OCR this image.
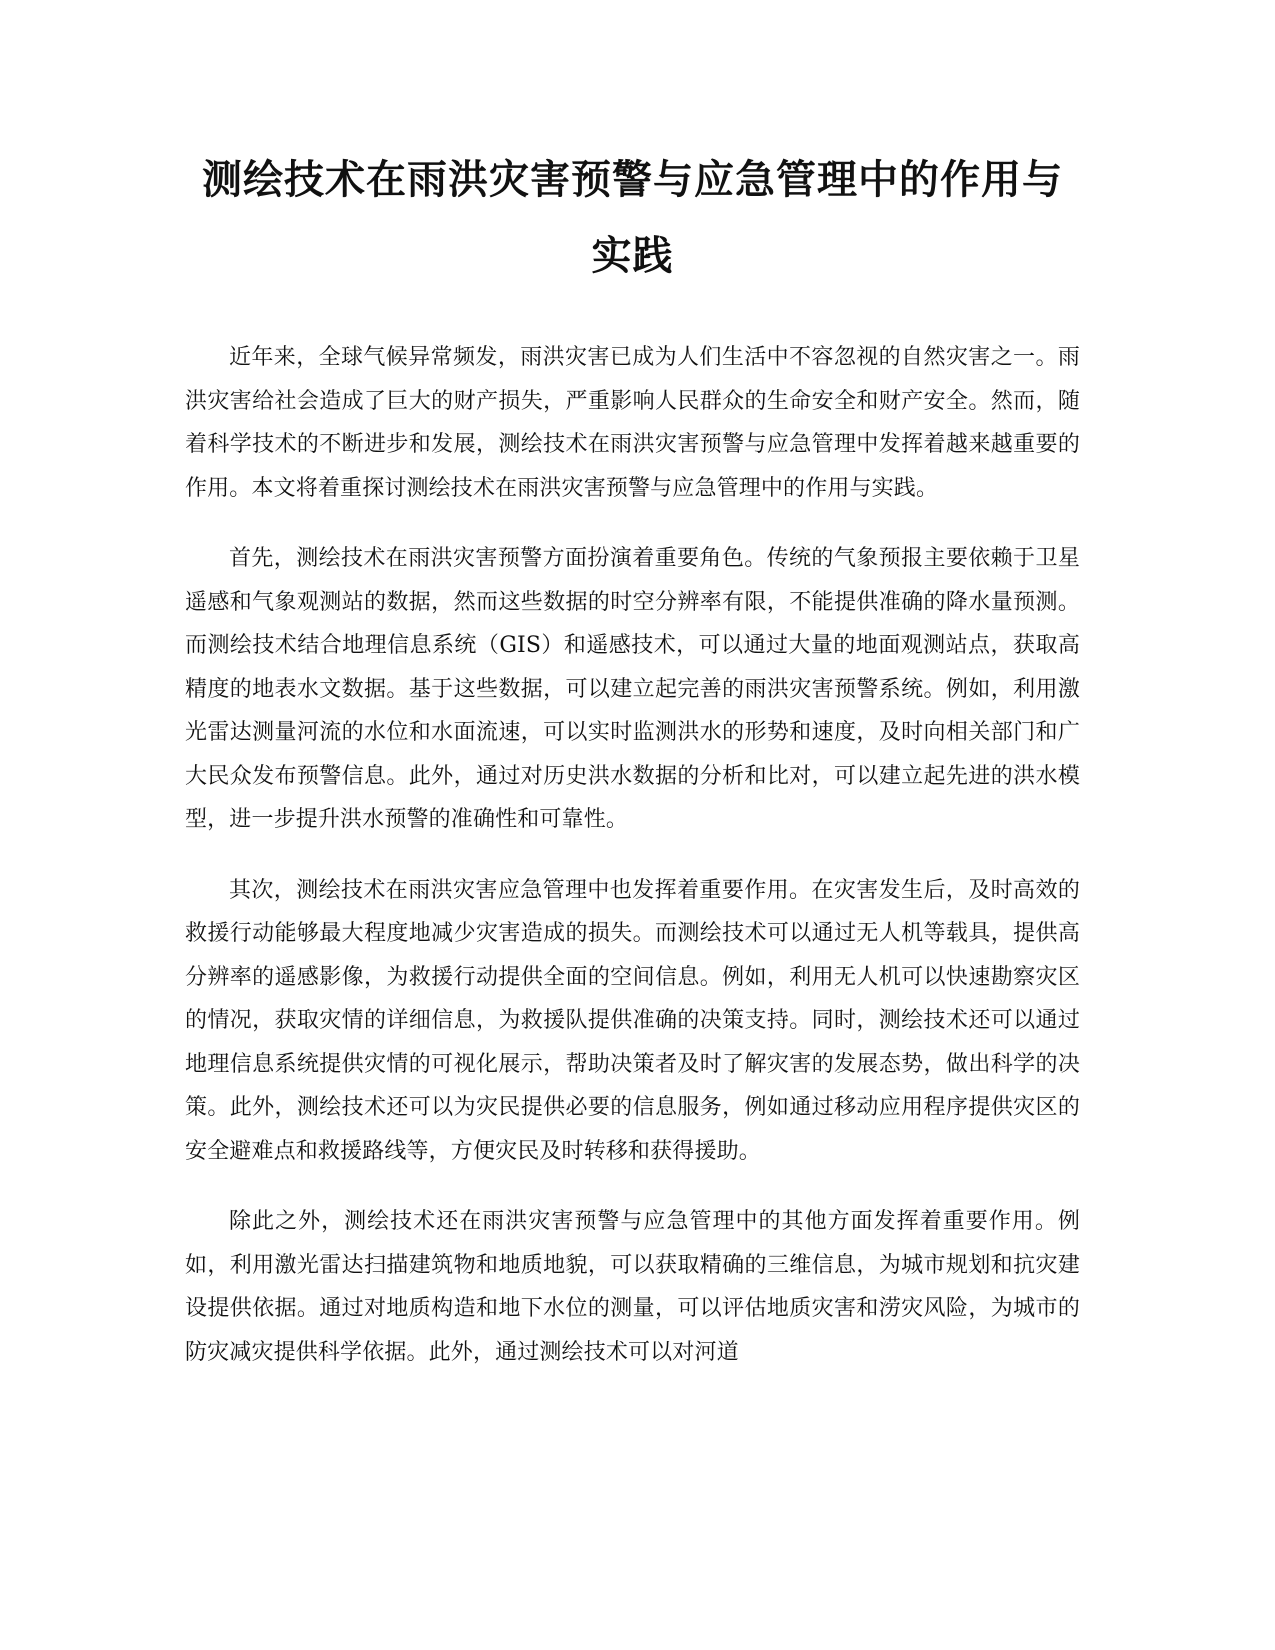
测绘技术在雨洪灾害预警与应急管理中的作用与实践

近年来，全球气候异常频发，雨洪灾害已成为人们生活中不容忽视的自然灾害之一。雨洪灾害给社会造成了巨大的财产损失，严重影响人民群众的生命安全和财产安全。然而，随着科学技术的不断进步和发展，测绘技术在雨洪灾害预警与应急管理中发挥着越来越重要的作用。本文将着重探讨测绘技术在雨洪灾害预警与应急管理中的作用与实践。

首先，测绘技术在雨洪灾害预警方面扮演着重要角色。传统的气象预报主要依赖于卫星遥感和气象观测站的数据，然而这些数据的时空分辨率有限，不能提供准确的降水量预测。而测绘技术结合地理信息系统（GIS）和遥感技术，可以通过大量的地面观测站点，获取高精度的地表水文数据。基于这些数据，可以建立起完善的雨洪灾害预警系统。例如，利用激光雷达测量河流的水位和水面流速，可以实时监测洪水的形势和速度，及时向相关部门和广大民众发布预警信息。此外，通过对历史洪水数据的分析和比对，可以建立起先进的洪水模型，进一步提升洪水预警的准确性和可靠性。

其次，测绘技术在雨洪灾害应急管理中也发挥着重要作用。在灾害发生后，及时高效的救援行动能够最大程度地减少灾害造成的损失。而测绘技术可以通过无人机等载具，提供高分辨率的遥感影像，为救援行动提供全面的空间信息。例如，利用无人机可以快速勘察灾区的情况，获取灾情的详细信息，为救援队提供准确的决策支持。同时，测绘技术还可以通过地理信息系统提供灾情的可视化展示，帮助决策者及时了解灾害的发展态势，做出科学的决策。此外，测绘技术还可以为灾民提供必要的信息服务，例如通过移动应用程序提供灾区的安全避难点和救援路线等，方便灾民及时转移和获得援助。

除此之外，测绘技术还在雨洪灾害预警与应急管理中的其他方面发挥着重要作用。例如，利用激光雷达扫描建筑物和地质地貌，可以获取精确的三维信息，为城市规划和抗灾建设提供依据。通过对地质构造和地下水位的测量，可以评估地质灾害和涝灾风险，为城市的防灾减灾提供科学依据。此外，通过测绘技术可以对河道
